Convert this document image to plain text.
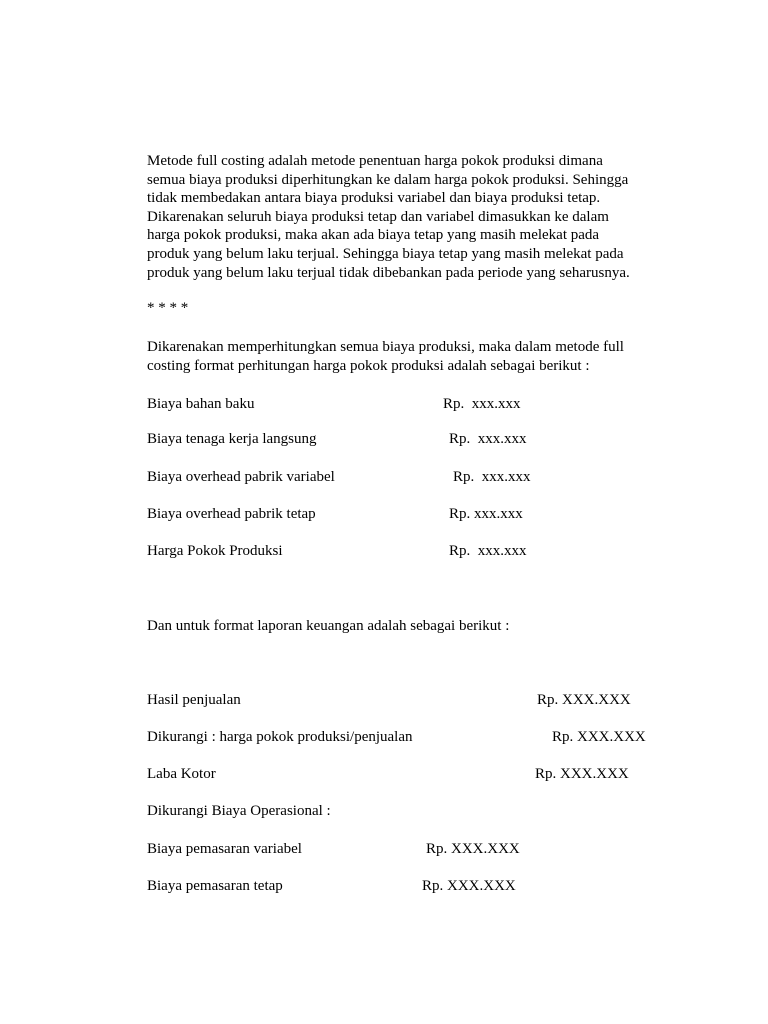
Metode full costing adalah metode penentuan harga pokok produksi dimana
semua biaya produksi diperhitungkan ke dalam harga pokok produksi. Sehingga
tidak membedakan antara biaya produksi variabel dan biaya produksi tetap.
Dikarenakan seluruh biaya produksi tetap dan variabel dimasukkan ke dalam
harga pokok produksi, maka akan ada biaya tetap yang masih melekat pada
produk yang belum laku terjual. Sehingga biaya tetap yang masih melekat pada
produk yang belum laku terjual tidak dibebankan pada periode yang seharusnya.

* * * *

Dikarenakan memperhitungkan semua biaya produksi, maka dalam metode full
costing format perhitungan harga pokok produksi adalah sebagai berikut :

Biaya bahan baku	Rp.  xxx.xxx

Biaya tenaga kerja langsung	Rp.  xxx.xxx

Biaya overhead pabrik variabel	Rp.  xxx.xxx

Biaya overhead pabrik tetap	Rp. xxx.xxx

Harga Pokok Produksi	Rp.  xxx.xxx

Dan untuk format laporan keuangan adalah sebagai berikut :

Hasil penjualan	Rp. XXX.XXX

Dikurangi : harga pokok produksi/penjualan	Rp. XXX.XXX

Laba Kotor	Rp. XXX.XXX

Dikurangi Biaya Operasional :

Biaya pemasaran variabel	Rp. XXX.XXX

Biaya pemasaran tetap	Rp. XXX.XXX
